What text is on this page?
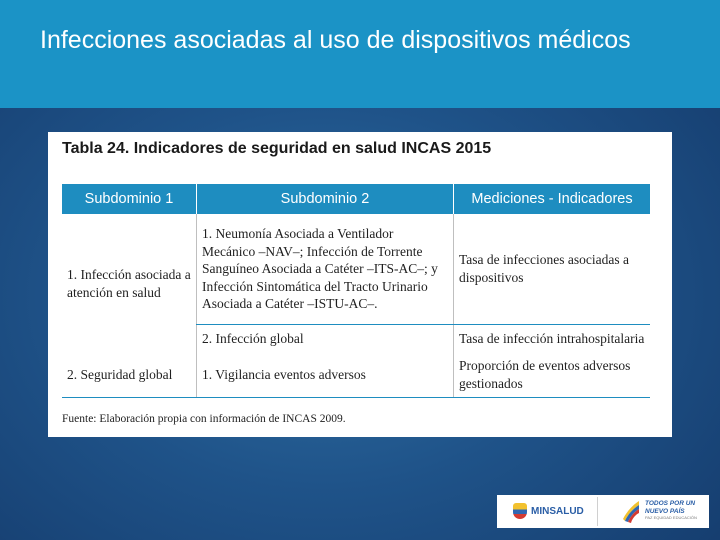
Infecciones asociadas al uso de dispositivos médicos
Tabla 24. Indicadores de seguridad en salud INCAS 2015
Subdominio 1	Subdominio 2	Mediciones - Indicadores
1. Infección asociada a atención en salud	1. Neumonía Asociada a Ventilador Mecánico –NAV–; Infección de Torrente Sanguíneo Asociada a Catéter –ITS-AC–; y Infección Sintomática del Tracto Urinario Asociada a Catéter –ISTU-AC–.	Tasa de infecciones asociadas a dispositivos
	2. Infección global	Tasa de infección intrahospitalaria
2. Seguridad global	1. Vigilancia eventos adversos	Proporción de eventos adversos gestionados
Fuente: Elaboración propia con información de INCAS 2009.
MINSALUD
TODOS POR UN
NUEVO PAÍS
PAZ EQUIDAD EDUCACIÓN
